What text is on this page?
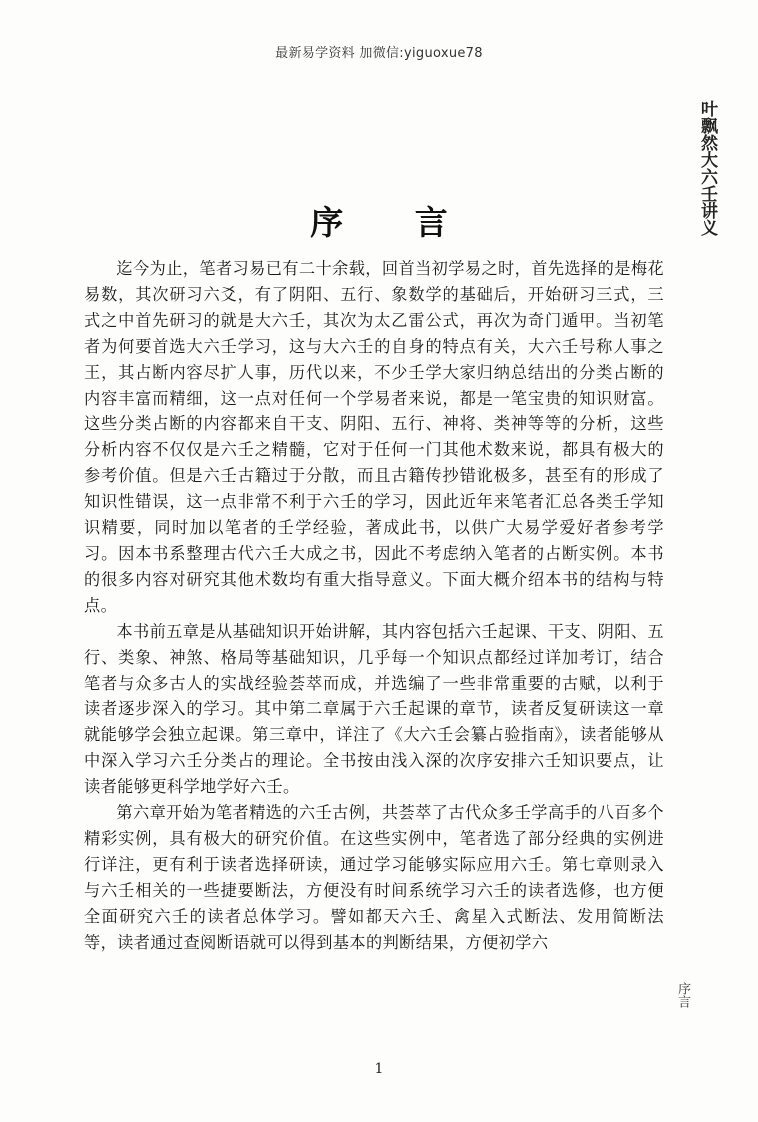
最新易学资料 加微信:yiguoxue78
叶飘然大六壬讲义
序 言

迄今为止，笔者习易已有二十余载，回首当初学易之时，首先选择的是梅花易数，其次研习六爻，有了阴阳、五行、象数学的基础后，开始研习三式，三式之中首先研习的就是大六壬，其次为太乙雷公式，再次为奇门遁甲。当初笔者为何要首选大六壬学习，这与大六壬的自身的特点有关，大六壬号称人事之王，其占断内容尽扩人事，历代以来，不少壬学大家归纳总结出的分类占断的内容丰富而精细，这一点对任何一个学易者来说，都是一笔宝贵的知识财富。这些分类占断的内容都来自干支、阴阳、五行、神将、类神等等的分析，这些分析内容不仅仅是六壬之精髓，它对于任何一门其他术数来说，都具有极大的参考价值。但是六壬古籍过于分散，而且古籍传抄错讹极多，甚至有的形成了知识性错误，这一点非常不利于六壬的学习，因此近年来笔者汇总各类壬学知识精要，同时加以笔者的壬学经验，著成此书，以供广大易学爱好者参考学习。因本书系整理古代六壬大成之书，因此不考虑纳入笔者的占断实例。本书的很多内容对研究其他术数均有重大指导意义。下面大概介绍本书的结构与特点。

本书前五章是从基础知识开始讲解，其内容包括六壬起课、干支、阴阳、五行、类象、神煞、格局等基础知识，几乎每一个知识点都经过详加考订，结合笔者与众多古人的实战经验荟萃而成，并选编了一些非常重要的古赋，以利于读者逐步深入的学习。其中第二章属于六壬起课的章节，读者反复研读这一章就能够学会独立起课。第三章中，详注了《大六壬会纂占验指南》，读者能够从中深入学习六壬分类占的理论。全书按由浅入深的次序安排六壬知识要点，让读者能够更科学地学好六壬。

第六章开始为笔者精选的六壬古例，共荟萃了古代众多壬学高手的八百多个精彩实例，具有极大的研究价值。在这些实例中，笔者选了部分经典的实例进行详注，更有利于读者选择研读，通过学习能够实际应用六壬。第七章则录入与六壬相关的一些捷要断法，方便没有时间系统学习六壬的读者选修，也方便全面研究六壬的读者总体学习。譬如都天六壬、禽星入式断法、发用简断法等，读者通过查阅断语就可以得到基本的判断结果，方便初学六

序言
1
